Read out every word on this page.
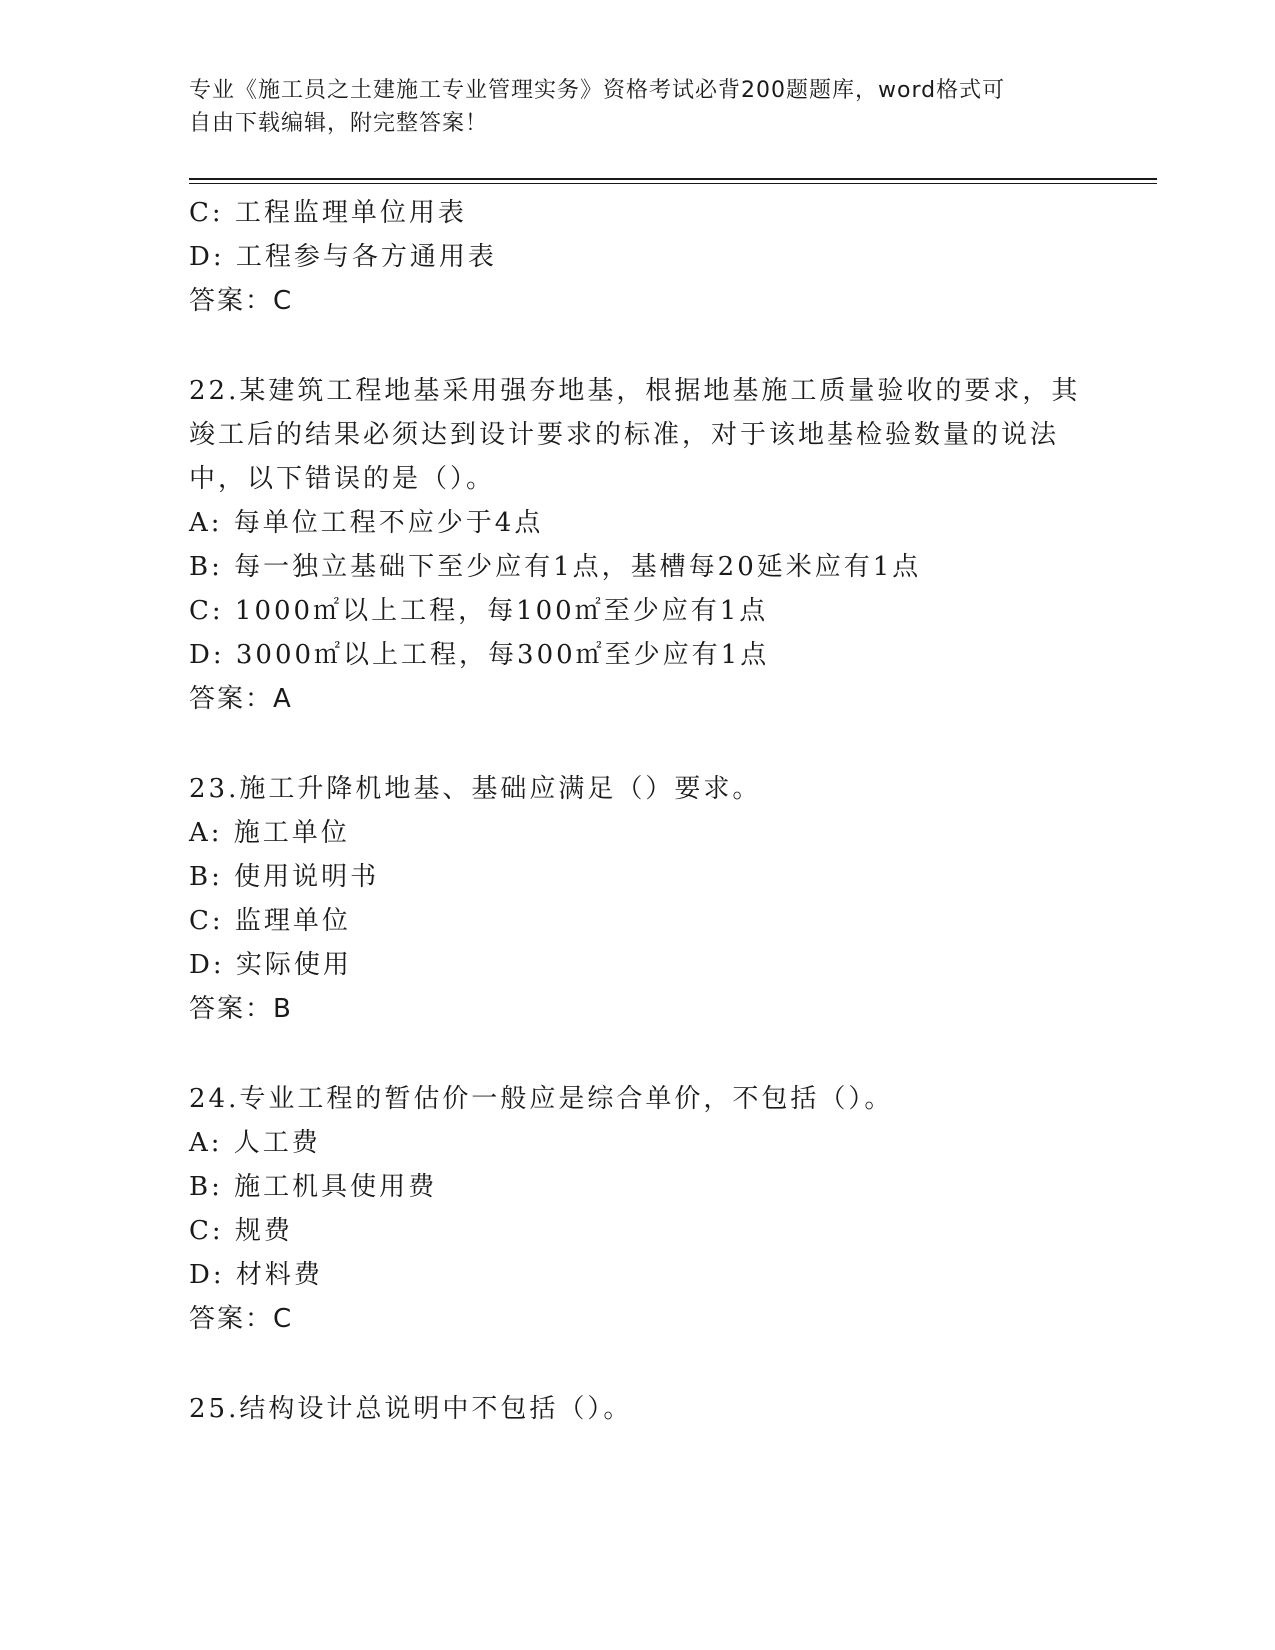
专业《施工员之土建施工专业管理实务》资格考试必背200题题库，word格式可
自由下载编辑，附完整答案！
C: 工程监理单位用表
D: 工程参与各方通用表
答案：C
22.某建筑工程地基采用强夯地基，根据地基施工质量验收的要求，其
竣工后的结果必须达到设计要求的标准，对于该地基检验数量的说法
中，以下错误的是（）。
A: 每单位工程不应少于4点
B: 每一独立基础下至少应有1点，基槽每20延米应有1点
C: 1000㎡以上工程，每100㎡至少应有1点
D: 3000㎡以上工程，每300㎡至少应有1点
答案：A
23.施工升降机地基、基础应满足（）要求。
A: 施工单位
B: 使用说明书
C: 监理单位
D: 实际使用
答案：B
24.专业工程的暂估价一般应是综合单价，不包括（）。
A: 人工费
B: 施工机具使用费
C: 规费
D: 材料费
答案：C
25.结构设计总说明中不包括（）。
